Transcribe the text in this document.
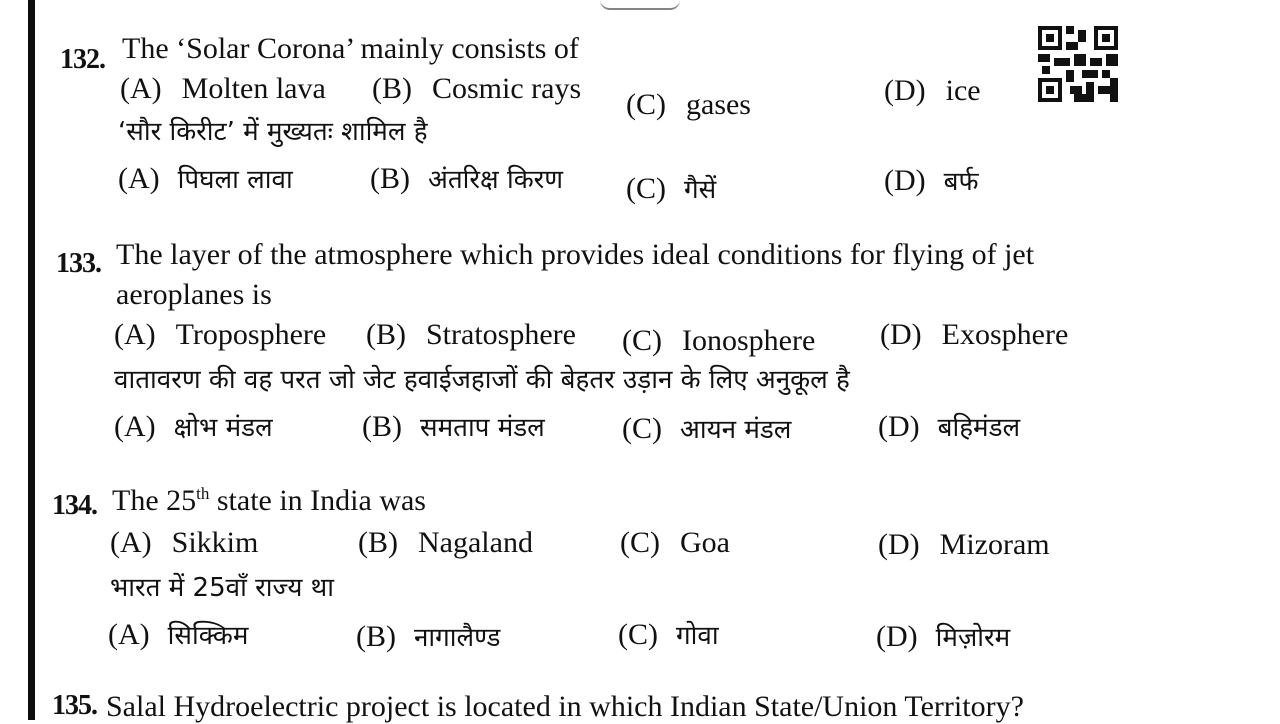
132. The ‘Solar Corona’ mainly consists of
(A) Molten lava (B) Cosmic rays (C) gases	(D) ice
‘सौर किरीट’ में मुख्यतः शामिल है
(A) पिघला लावा	(B) अंतरिक्ष किरण (C) गैसें	(D) बर्फ
133. The layer of the atmosphere which provides ideal conditions for flying of jet
aeroplanes is
(A) Troposphere (B) Stratosphere (C) Ionosphere (D) Exosphere
वातावरण की वह परत जो जेट हवाईजहाजों की बेहतर उड़ान के लिए अनुकूल है
(A) क्षोभ मंडल	(B) समताप मंडल	(C) आयन मंडल	(D) बहिमंडल
134. The 25th state in India was
(A) Sikkim	(B) Nagaland	(C) Goa	(D) Mizoram
भारत में 25वाँ राज्य था
(A) सिक्किम	(B) नागालैण्ड	(C) गोवा	(D) मिज़ोरम
135. Salal Hydroelectric project is located in which Indian State/Union Territory?
